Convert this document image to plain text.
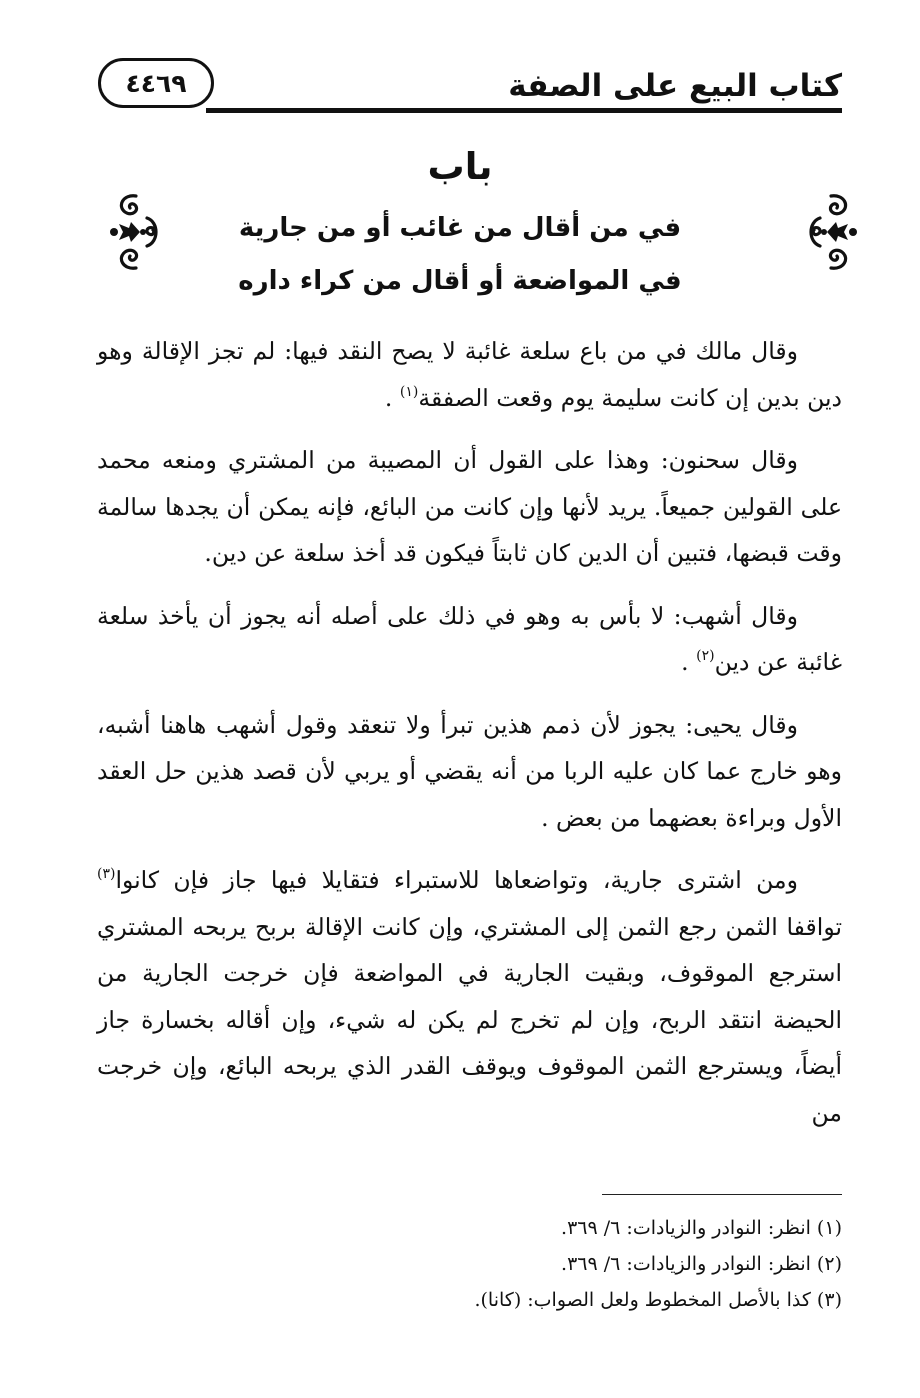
كتاب البيع على الصفة
٤٤٦٩
باب
في من أقال من غائب أو من جارية
في المواضعة أو أقال من كراء داره

وقال مالك في من باع سلعة غائبة لا يصح النقد فيها: لم تجز الإقالة وهو دين بدين إن كانت سليمة يوم وقعت الصفقة$^{(١)}$ .

وقال سحنون: وهذا على القول أن المصيبة من المشتري ومنعه محمد على القولين جميعاً. يريد لأنها وإن كانت من البائع، فإنه يمكن أن يجدها سالمة وقت قبضها، فتبين أن الدين كان ثابتاً فيكون قد أخذ سلعة عن دين.

وقال أشهب: لا بأس به وهو في ذلك على أصله أنه يجوز أن يأخذ سلعة غائبة عن دين$^{(٢)}$ .

وقال يحيى: يجوز لأن ذمم هذين تبرأ ولا تنعقد وقول أشهب هاهنا أشبه، وهو خارج عما كان عليه الربا من أنه يقضي أو يربي لأن قصد هذين حل العقد الأول وبراءة بعضهما من بعض .

ومن اشترى جارية، وتواضعاها للاستبراء فتقايلا فيها جاز فإن كانوا$^{(٣)}$ تواقفا الثمن رجع الثمن إلى المشتري، وإن كانت الإقالة بربح يربحه المشتري استرجع الموقوف، وبقيت الجارية في المواضعة فإن خرجت الجارية من الحيضة انتقد الربح، وإن لم تخرج لم يكن له شيء، وإن أقاله بخسارة جاز أيضاً، ويسترجع الثمن الموقوف ويوقف القدر الذي يربحه البائع، وإن خرجت من

(١) انظر: النوادر والزيادات: ٦/ ٣٦٩.
(٢) انظر: النوادر والزيادات: ٦/ ٣٦٩.
(٣) كذا بالأصل المخطوط ولعل الصواب: (كانا).
